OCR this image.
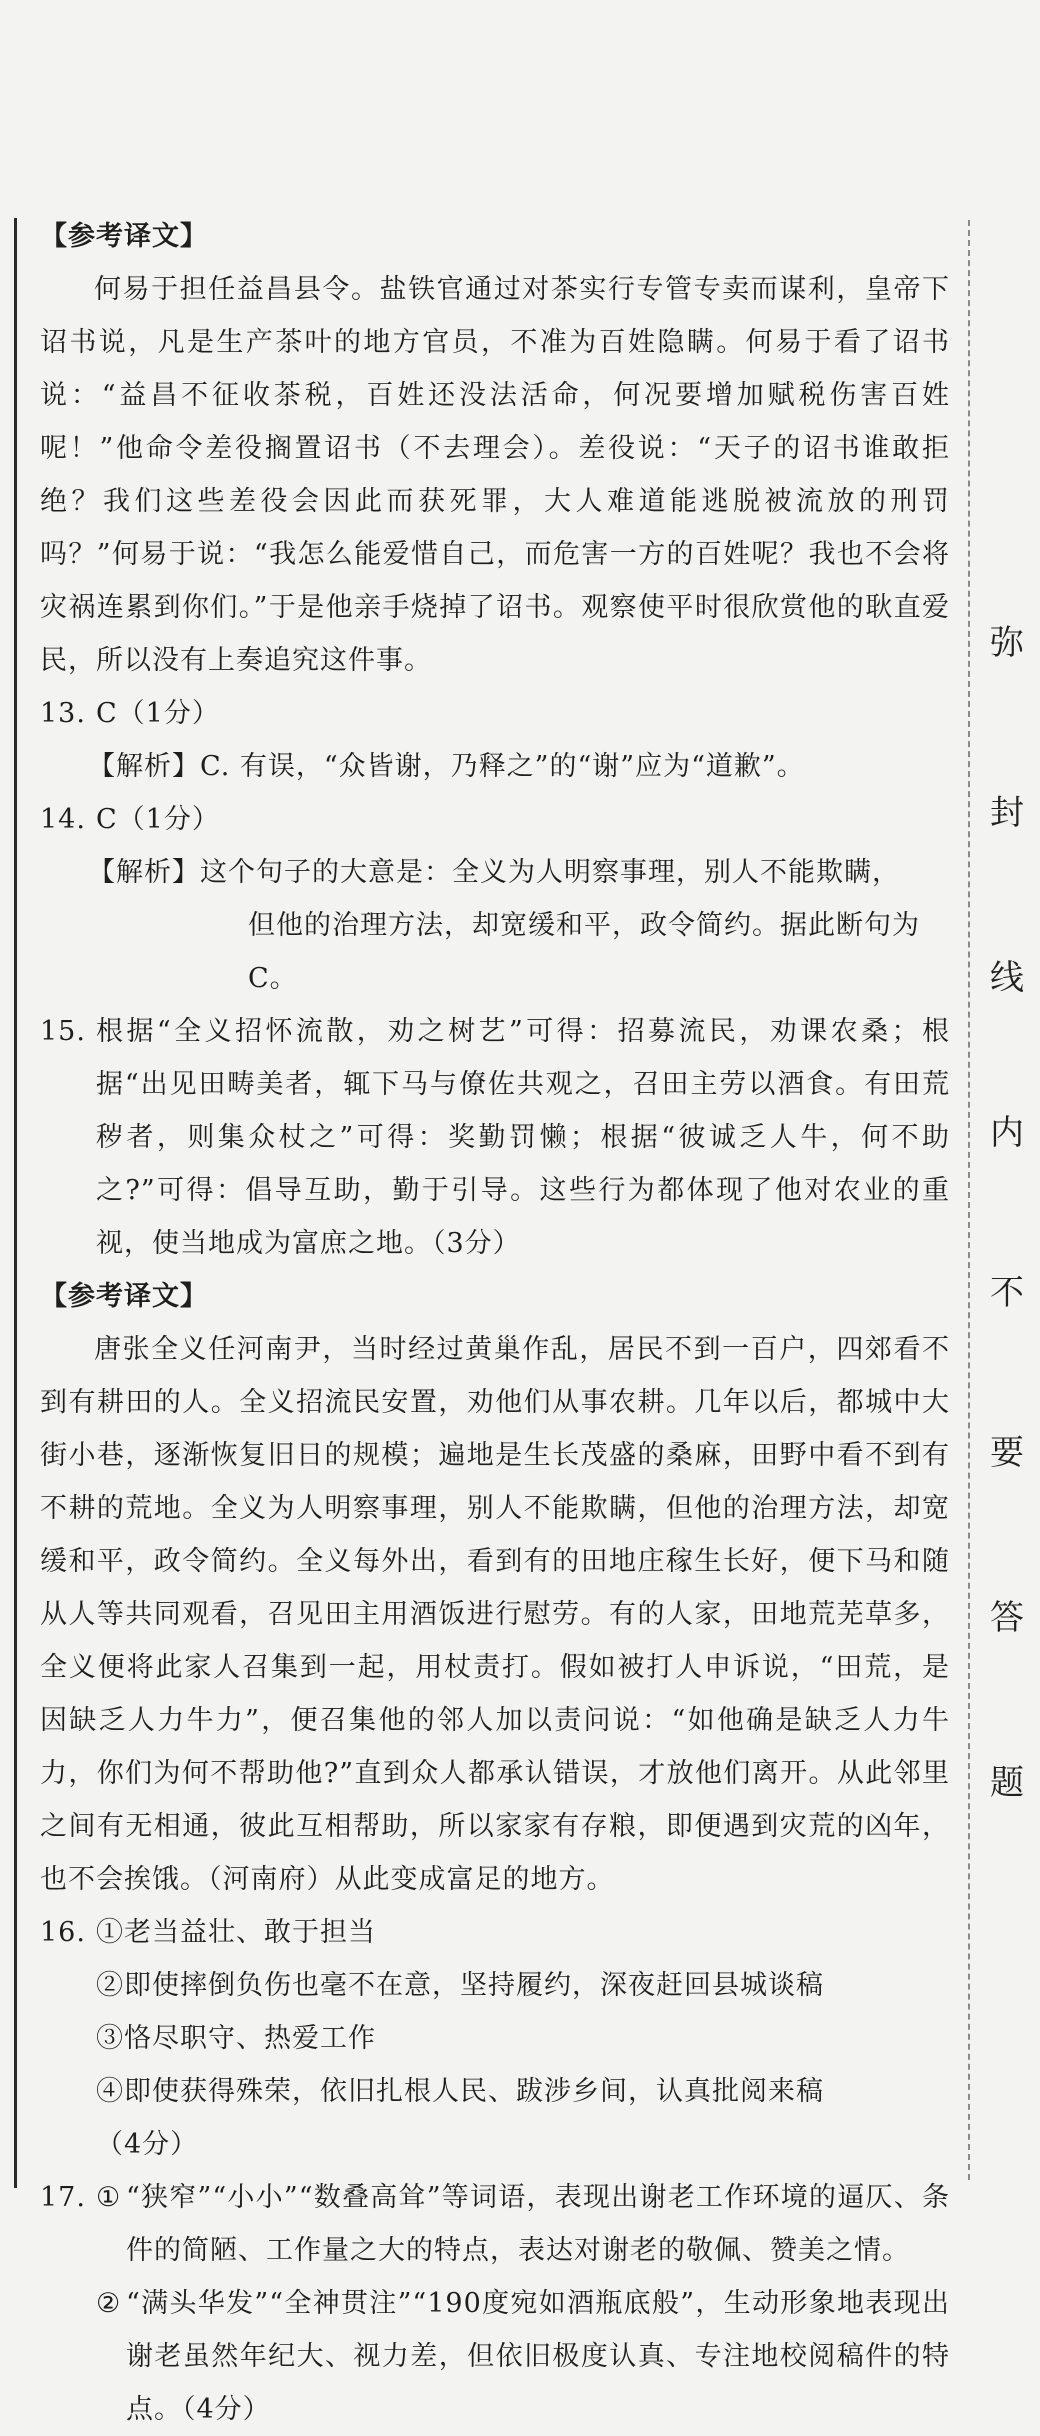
弥
封
线
内
不
要
答
题
【参考译文】
何易于担任益昌县令。盐铁官通过对茶实行专管专卖而谋利，皇帝下诏书说，凡是生产茶叶的地方官员，不准为百姓隐瞒。何易于看了诏书说：“益昌不征收茶税，百姓还没法活命，何况要增加赋税伤害百姓呢！”他命令差役搁置诏书（不去理会）。差役说：“天子的诏书谁敢拒绝？我们这些差役会因此而获死罪，大人难道能逃脱被流放的刑罚吗？”何易于说：“我怎么能爱惜自己，而危害一方的百姓呢？我也不会将灾祸连累到你们。”于是他亲手烧掉了诏书。观察使平时很欣赏他的耿直爱民，所以没有上奏追究这件事。
13. C（1分）
【解析】C. 有误，“众皆谢，乃释之”的“谢”应为“道歉”。
14. C（1分）
【解析】这个句子的大意是：全义为人明察事理，别人不能欺瞒，
但他的治理方法，却宽缓和平，政令简约。据此断句为C。
15. 根据“全义招怀流散，劝之树艺”可得：招募流民，劝课农桑；根据“出见田畴美者，辄下马与僚佐共观之，召田主劳以酒食。有田荒秽者，则集众杖之”可得：奖勤罚懒；根据“彼诚乏人牛，何不助之?”可得：倡导互助，勤于引导。这些行为都体现了他对农业的重视，使当地成为富庶之地。（3分）
【参考译文】
唐张全义任河南尹，当时经过黄巢作乱，居民不到一百户，四郊看不到有耕田的人。全义招流民安置，劝他们从事农耕。几年以后，都城中大街小巷，逐渐恢复旧日的规模；遍地是生长茂盛的桑麻，田野中看不到有不耕的荒地。全义为人明察事理，别人不能欺瞒，但他的治理方法，却宽缓和平，政令简约。全义每外出，看到有的田地庄稼生长好，便下马和随从人等共同观看，召见田主用酒饭进行慰劳。有的人家，田地荒芜草多，全义便将此家人召集到一起，用杖责打。假如被打人申诉说，“田荒，是因缺乏人力牛力”，便召集他的邻人加以责问说：“如他确是缺乏人力牛力，你们为何不帮助他?”直到众人都承认错误，才放他们离开。从此邻里之间有无相通，彼此互相帮助，所以家家有存粮，即便遇到灾荒的凶年，也不会挨饿。（河南府）从此变成富足的地方。
16. ①老当益壮、敢于担当
②即使摔倒负伤也毫不在意，坚持履约，深夜赶回县城谈稿
③恪尽职守、热爱工作
④即使获得殊荣，依旧扎根人民、跋涉乡间，认真批阅来稿
（4分）
17. ① “狭窄”“小小”“数叠高耸”等词语，表现出谢老工作环境的逼仄、条件的简陋、工作量之大的特点，表达对谢老的敬佩、赞美之情。
② “满头华发”“全神贯注”“190度宛如酒瓶底般”，生动形象地表现出谢老虽然年纪大、视力差，但依旧极度认真、专注地校阅稿件的特点。（4分）
